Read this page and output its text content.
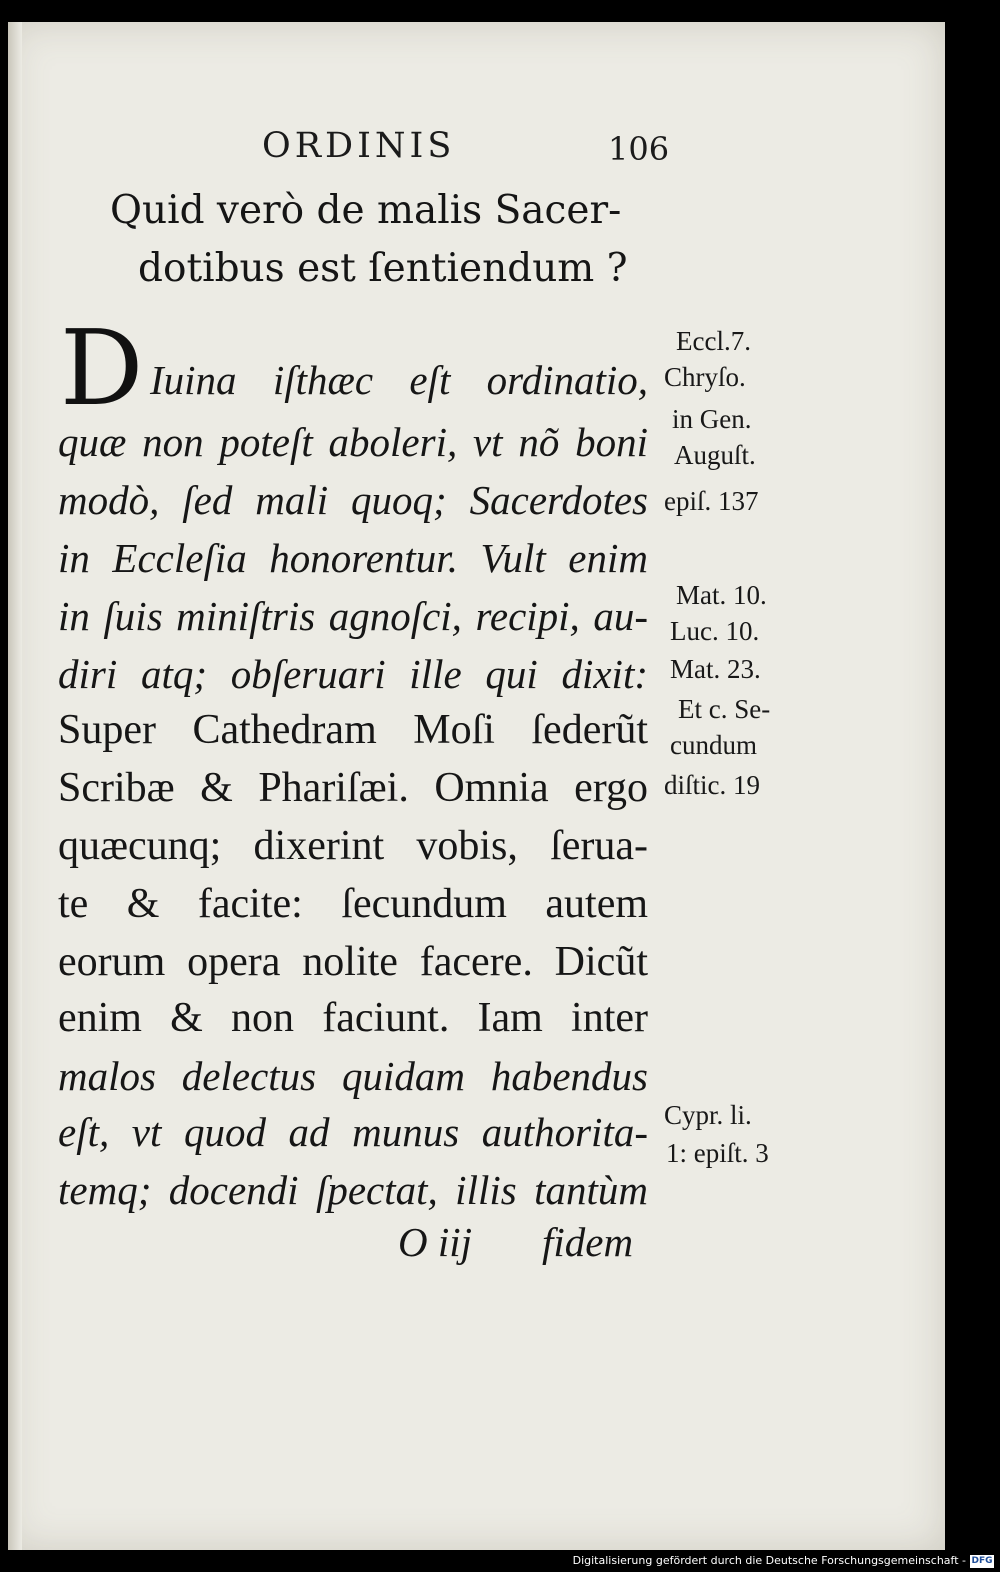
ORDINIS	106
Quid verò de malis Sacer-
dotibus est ſentiendum ?
D Iuina iſthæc eſt ordinatio,
quæ non poteſt aboleri, vt nõ boni
modò, ſed mali quoq; Sacerdotes
in Eccleſia honorentur. Vult enim
in ſuis miniſtris agnoſci, recipi, au-
diri atq; obſeruari ille qui dixit:
Super Cathedram Moſi ſederũt
Scribæ & Phariſæi. Omnia ergo
quæcunq; dixerint vobis, ſerua-
te & facite: ſecundum autem
eorum opera nolite facere. Dicũt
enim & non faciunt. Iam inter
malos delectus quidam habendus
eſt, vt quod ad munus authorita-
temq; docendi ſpectat, illis tantùm
O iij fidem
Eccl.7.
Chryſo.
in Gen.
Auguſt.
epiſ. 137
Mat. 10.
Luc. 10.
Mat. 23.
Et c. Se-
cundum
diſtic. 19
Cypr. li.
1: epiſt. 3
Digitalisierung gefördert durch die Deutsche Forschungsgemeinschaft - DFG
